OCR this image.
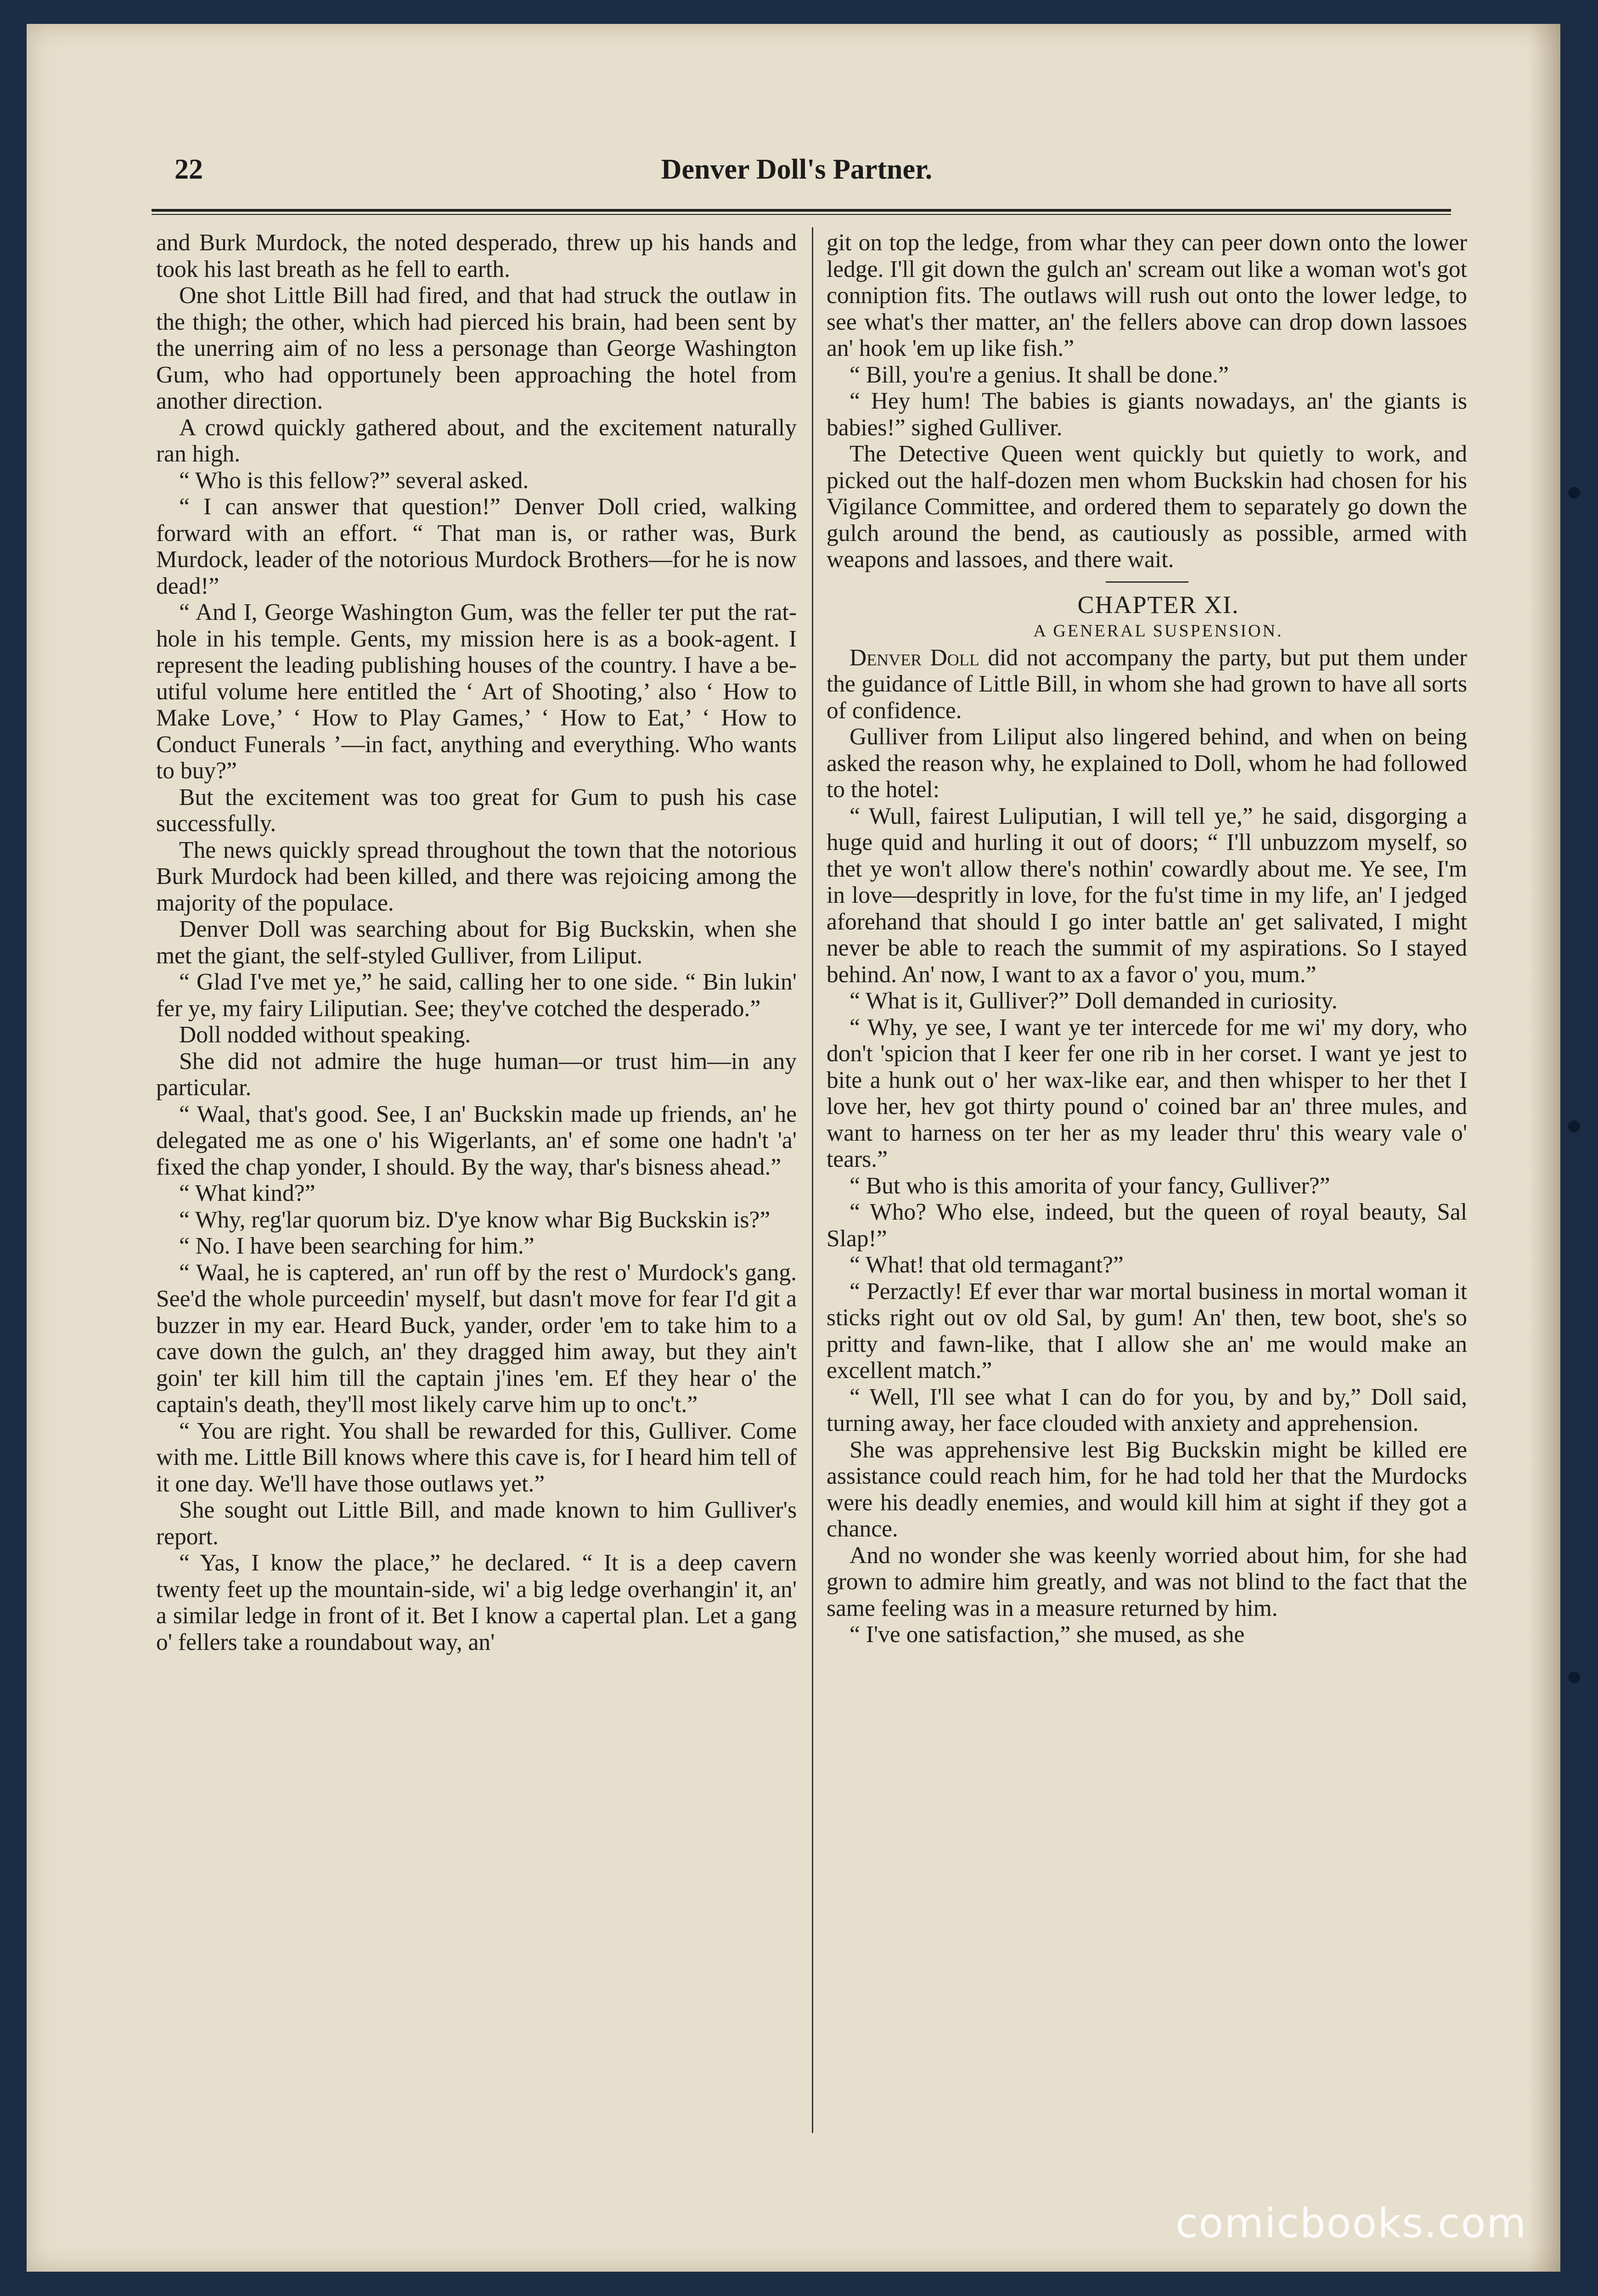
22	Denver Doll's Partner.

and Burk Murdock, the noted desperado, threw up his hands and took his last breath as he fell to earth.

One shot Little Bill had fired, and that had struck the outlaw in the thigh; the other, which had pierced his brain, had been sent by the unerring aim of no less a personage than George Washington Gum, who had opportunely been approaching the hotel from another direction.

A crowd quickly gathered about, and the excitement naturally ran high.

“ Who is this fellow?” several asked.

“ I can answer that question!” Denver Doll cried, walking forward with an effort. “ That man is, or rather was, Burk Murdock, leader of the notorious Murdock Brothers—for he is now dead!”

“ And I, George Washington Gum, was the feller ter put the rat-hole in his temple. Gents, my mission here is as a book-agent. I represent the leading publishing houses of the country. I have a be-utiful volume here entitled the ‘ Art of Shooting,’ also ‘ How to Make Love,’ ‘ How to Play Games,’ ‘ How to Eat,’ ‘ How to Conduct Funerals ’—in fact, anything and everything. Who wants to buy?”

But the excitement was too great for Gum to push his case successfully.

The news quickly spread throughout the town that the notorious Burk Murdock had been killed, and there was rejoicing among the majority of the populace.

Denver Doll was searching about for Big Buckskin, when she met the giant, the self-styled Gulliver, from Liliput.

“ Glad I've met ye,” he said, calling her to one side. “ Bin lukin' fer ye, my fairy Liliputian. See; they've cotched the desperado.”

Doll nodded without speaking.

She did not admire the huge human—or trust him—in any particular.

“ Waal, that's good. See, I an' Buckskin made up friends, an' he delegated me as one o' his Wigerlants, an' ef some one hadn't 'a' fixed the chap yonder, I should. By the way, thar's bisness ahead.”

“ What kind?”

“ Why, reg'lar quorum biz. D'ye know whar Big Buckskin is?”

“ No. I have been searching for him.”

“ Waal, he is captered, an' run off by the rest o' Murdock's gang. See'd the whole purceedin' myself, but dasn't move for fear I'd git a buzzer in my ear. Heard Buck, yander, order 'em to take him to a cave down the gulch, an' they dragged him away, but they ain't goin' ter kill him till the captain j'ines 'em. Ef they hear o' the captain's death, they'll most likely carve him up to onc't.”

“ You are right. You shall be rewarded for this, Gulliver. Come with me. Little Bill knows where this cave is, for I heard him tell of it one day. We'll have those outlaws yet.”

She sought out Little Bill, and made known to him Gulliver's report.

“ Yas, I know the place,” he declared. “ It is a deep cavern twenty feet up the mountain-side, wi' a big ledge overhangin' it, an' a similar ledge in front of it. Bet I know a capertal plan. Let a gang o' fellers take a roundabout way, an'

git on top the ledge, from whar they can peer down onto the lower ledge. I'll git down the gulch an' scream out like a woman wot's got conniption fits. The outlaws will rush out onto the lower ledge, to see what's ther matter, an' the fellers above can drop down lassoes an' hook 'em up like fish.”

“ Bill, you're a genius. It shall be done.”

“ Hey hum! The babies is giants nowadays, an' the giants is babies!” sighed Gulliver.

The Detective Queen went quickly but quietly to work, and picked out the half-dozen men whom Buckskin had chosen for his Vigilance Committee, and ordered them to separately go down the gulch around the bend, as cautiously as possible, armed with weapons and lassoes, and there wait.

CHAPTER XI.

A GENERAL SUSPENSION.

Denver Doll did not accompany the party, but put them under the guidance of Little Bill, in whom she had grown to have all sorts of confidence.

Gulliver from Liliput also lingered behind, and when on being asked the reason why, he explained to Doll, whom he had followed to the hotel:

“ Wull, fairest Luliputian, I will tell ye,” he said, disgorging a huge quid and hurling it out of doors; “ I'll unbuzzom myself, so thet ye won't allow there's nothin' cowardly about me. Ye see, I'm in love—despritly in love, for the fu'st time in my life, an' I jedged aforehand that should I go inter battle an' get salivated, I might never be able to reach the summit of my aspirations. So I stayed behind. An' now, I want to ax a favor o' you, mum.”

“ What is it, Gulliver?” Doll demanded in curiosity.

“ Why, ye see, I want ye ter intercede for me wi' my dory, who don't 'spicion that I keer fer one rib in her corset. I want ye jest to bite a hunk out o' her wax-like ear, and then whisper to her thet I love her, hev got thirty pound o' coined bar an' three mules, and want to harness on ter her as my leader thru' this weary vale o' tears.”

“ But who is this amorita of your fancy, Gulliver?”

“ Who? Who else, indeed, but the queen of royal beauty, Sal Slap!”

“ What! that old termagant?”

“ Perzactly! Ef ever thar war mortal business in mortal woman it sticks right out ov old Sal, by gum! An' then, tew boot, she's so pritty and fawn-like, that I allow she an' me would make an excellent match.”

“ Well, I'll see what I can do for you, by and by,” Doll said, turning away, her face clouded with anxiety and apprehension.

She was apprehensive lest Big Buckskin might be killed ere assistance could reach him, for he had told her that the Murdocks were his deadly enemies, and would kill him at sight if they got a chance.

And no wonder she was keenly worried about him, for she had grown to admire him greatly, and was not blind to the fact that the same feeling was in a measure returned by him.

“ I've one satisfaction,” she mused, as she

comicbooks.com
